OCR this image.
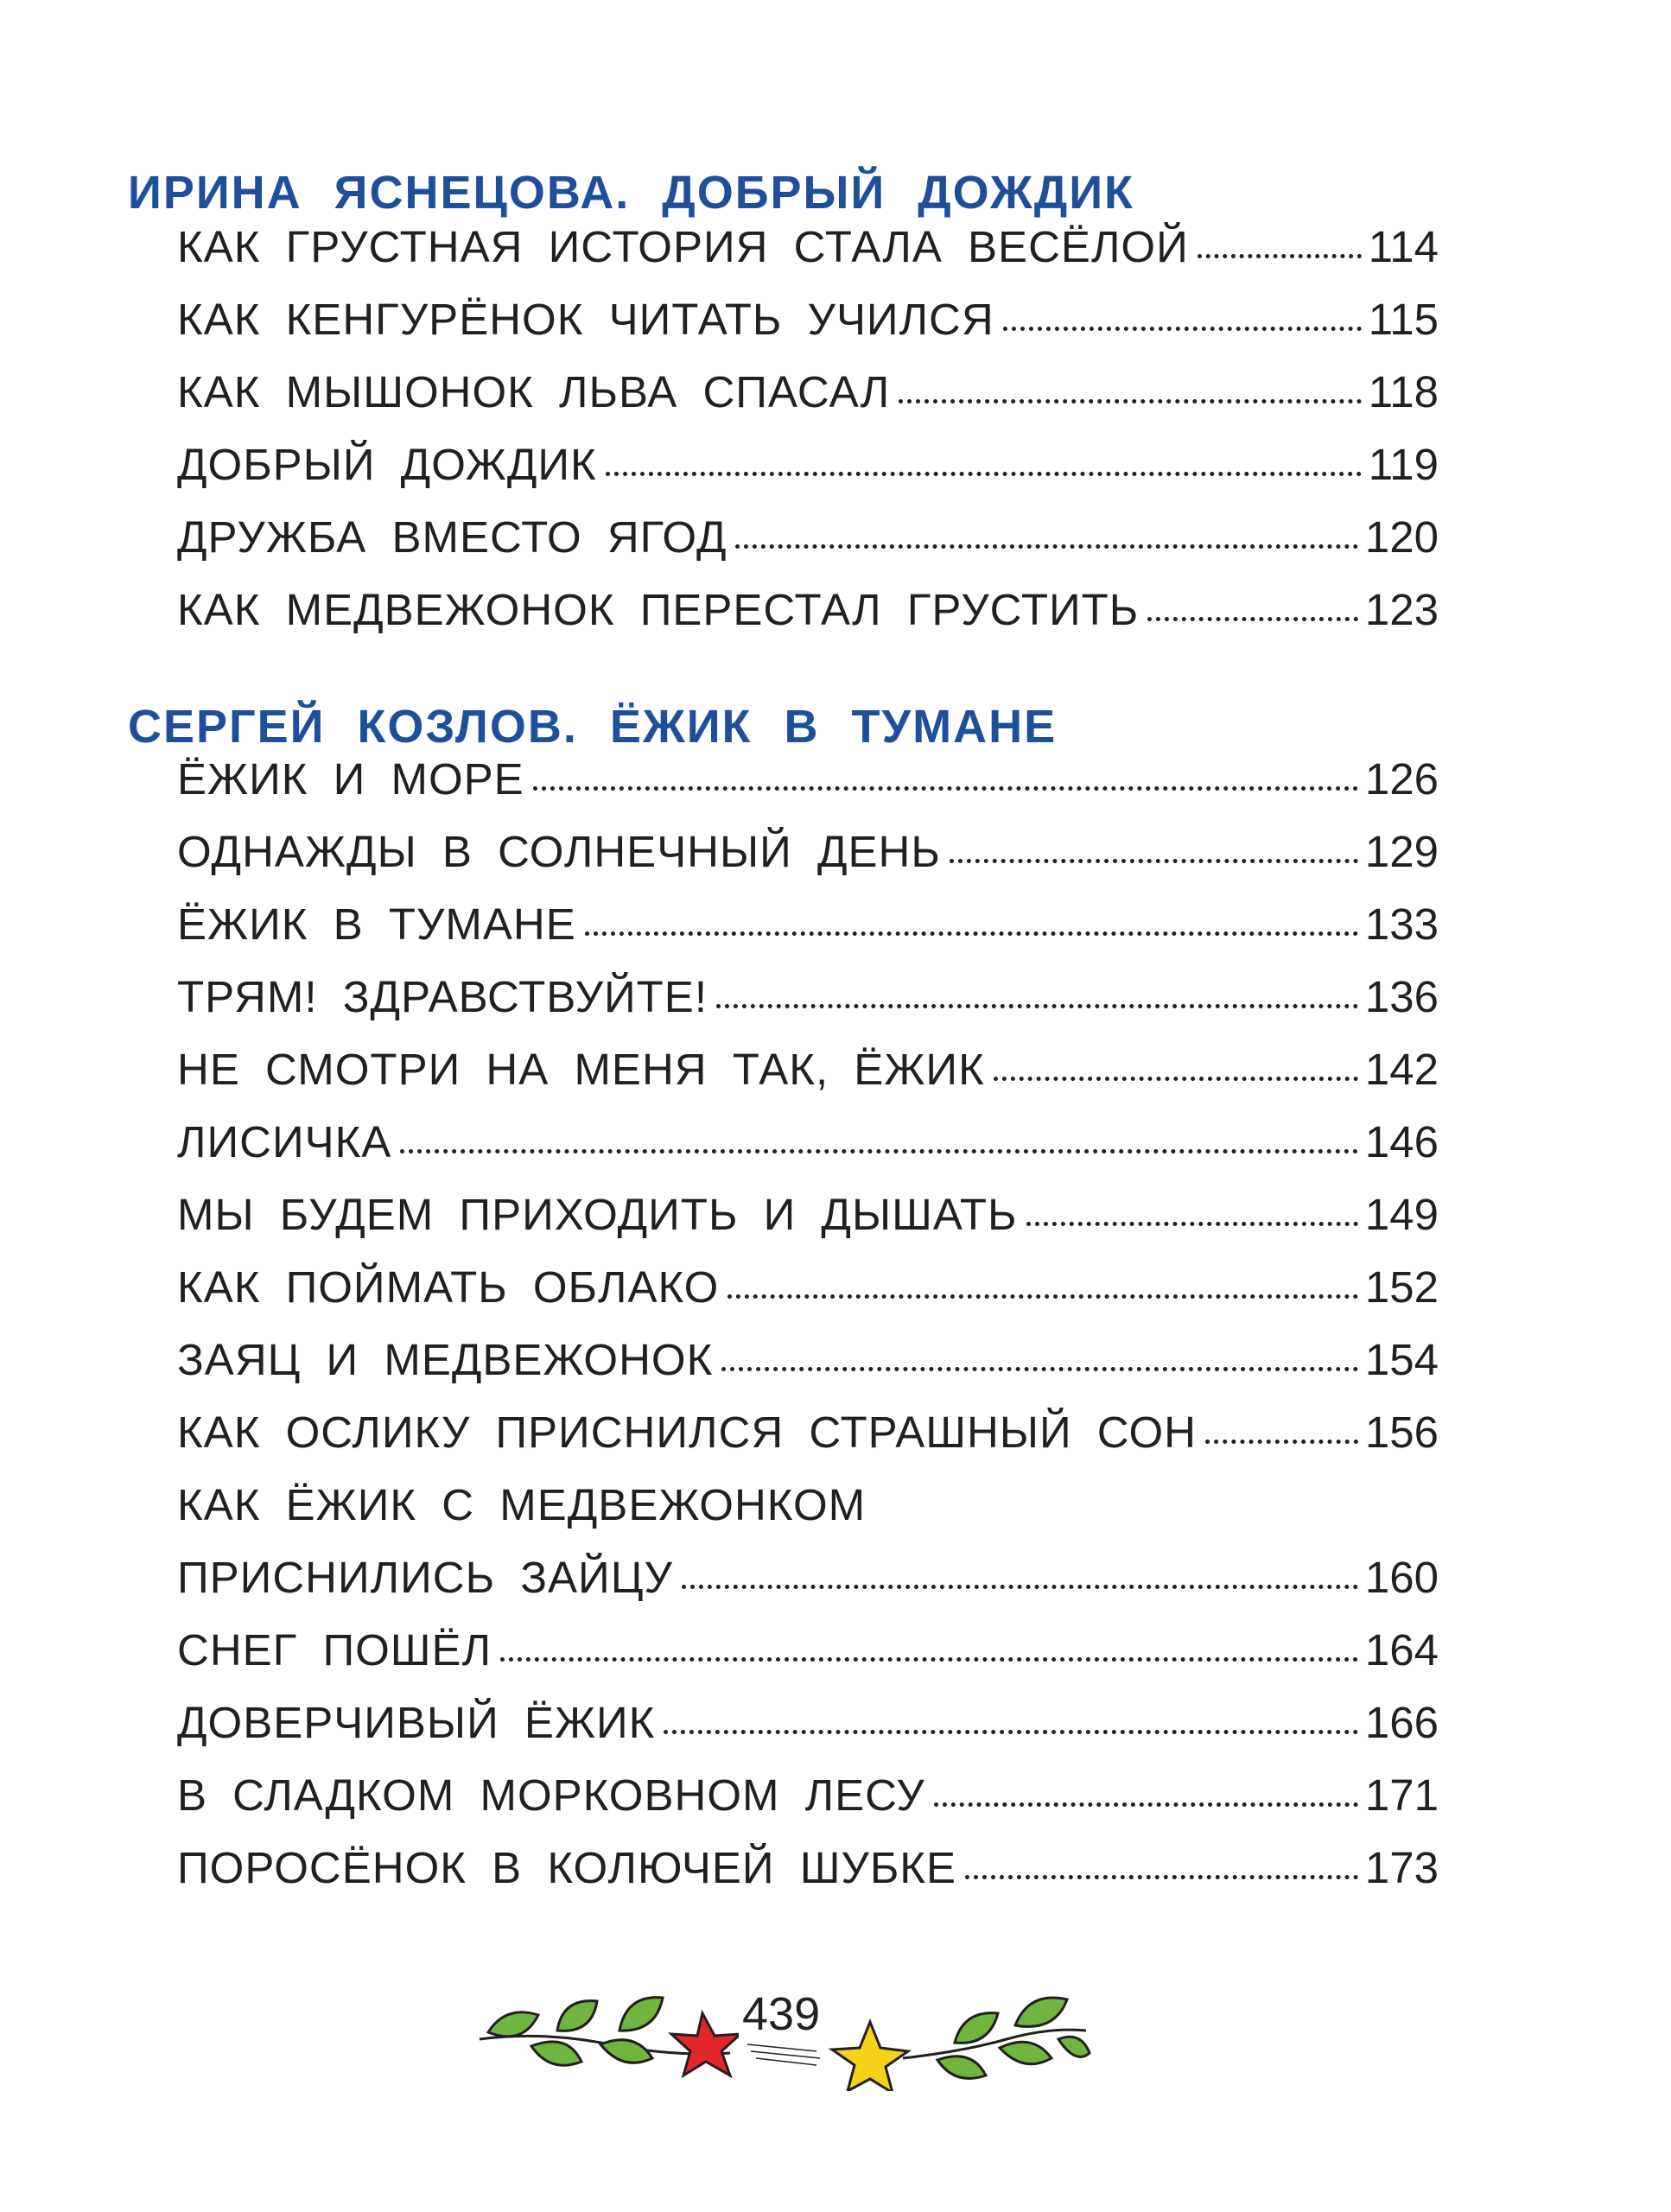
ИРИНА ЯСНЕЦОВА. ДОБРЫЙ ДОЖДИК
КАК ГРУСТНАЯ ИСТОРИЯ СТАЛА ВЕСЁЛОЙ	114
КАК КЕНГУРЁНОК ЧИТАТЬ УЧИЛСЯ	115
КАК МЫШОНОК ЛЬВА СПАСАЛ	118
ДОБРЫЙ ДОЖДИК	119
ДРУЖБА ВМЕСТО ЯГОД	120
КАК МЕДВЕЖОНОК ПЕРЕСТАЛ ГРУСТИТЬ	123
СЕРГЕЙ КОЗЛОВ. ЁЖИК В ТУМАНЕ
ЁЖИК И МОРЕ	126
ОДНАЖДЫ В СОЛНЕЧНЫЙ ДЕНЬ	129
ЁЖИК В ТУМАНЕ	133
ТРЯМ! ЗДРАВСТВУЙТЕ!	136
НЕ СМОТРИ НА МЕНЯ ТАК, ЁЖИК	142
ЛИСИЧКА	146
МЫ БУДЕМ ПРИХОДИТЬ И ДЫШАТЬ	149
КАК ПОЙМАТЬ ОБЛАКО	152
ЗАЯЦ И МЕДВЕЖОНОК	154
КАК ОСЛИКУ ПРИСНИЛСЯ СТРАШНЫЙ СОН	156
КАК ЁЖИК С МЕДВЕЖОНКОМ
ПРИСНИЛИСЬ ЗАЙЦУ	160
СНЕГ ПОШЁЛ	164
ДОВЕРЧИВЫЙ ЁЖИК	166
В СЛАДКОМ МОРКОВНОМ ЛЕСУ	171
ПОРОСЁНОК В КОЛЮЧЕЙ ШУБКЕ	173
439
